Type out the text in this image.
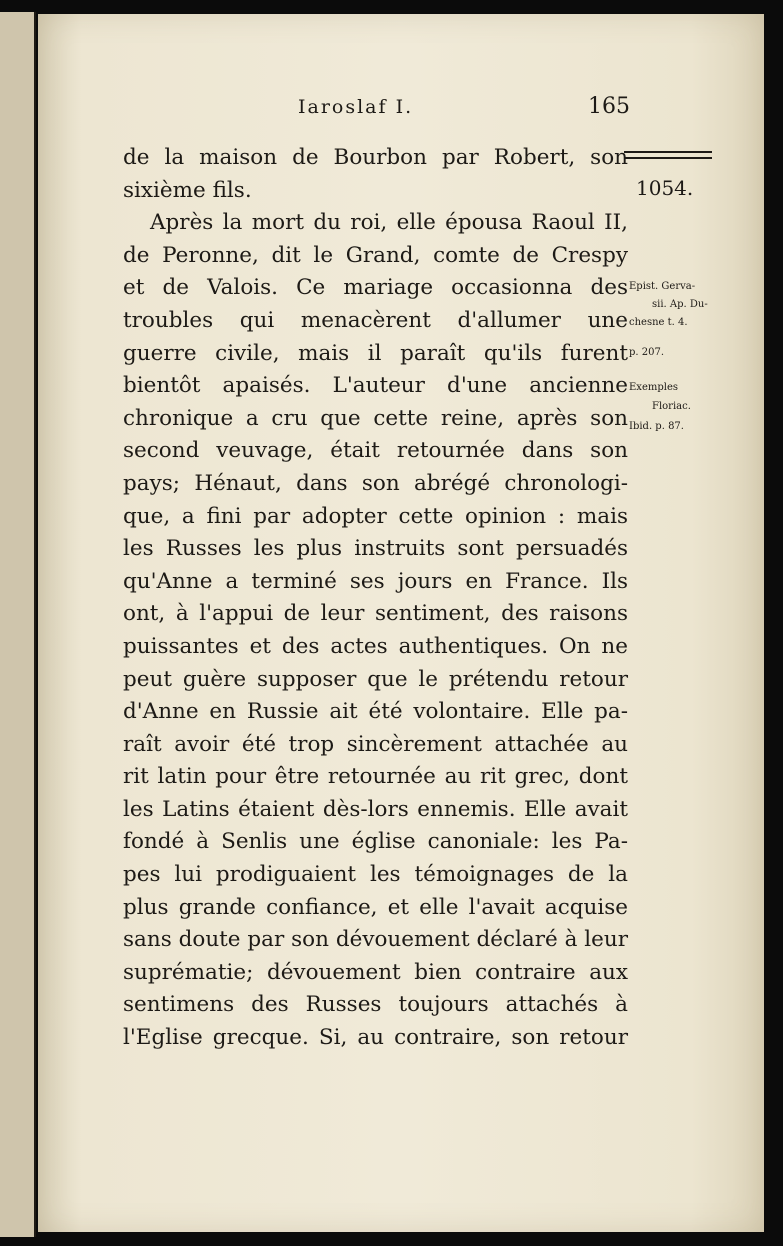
Iaroslaf I.	165
1054.
Epist. Gerva-
sii. Ap. Du-
chesne t. 4.
p. 207.
Exemples
Floriac.
Ibid. p. 87.
de la maison de Bourbon par Robert, son
sixième fils.
Après la mort du roi, elle épousa Raoul II,
de Peronne, dit le Grand, comte de Crespy
et de Valois. Ce mariage occasionna des
troubles qui menacèrent d'allumer une
guerre civile, mais il paraît qu'ils furent
bientôt apaisés. L'auteur d'une ancienne
chronique a cru que cette reine, après son
second veuvage, était retournée dans son
pays; Hénaut, dans son abrégé chronologi-
que, a fini par adopter cette opinion : mais
les Russes les plus instruits sont persuadés
qu'Anne a terminé ses jours en France. Ils
ont, à l'appui de leur sentiment, des raisons
puissantes et des actes authentiques. On ne
peut guère supposer que le prétendu retour
d'Anne en Russie ait été volontaire. Elle pa-
raît avoir été trop sincèrement attachée au
rit latin pour être retournée au rit grec, dont
les Latins étaient dès-lors ennemis. Elle avait
fondé à Senlis une église canoniale: les Pa-
pes lui prodiguaient les témoignages de la
plus grande confiance, et elle l'avait acquise
sans doute par son dévouement déclaré à leur
suprématie; dévouement bien contraire aux
sentimens des Russes toujours attachés à
l'Eglise grecque. Si, au contraire, son retour
